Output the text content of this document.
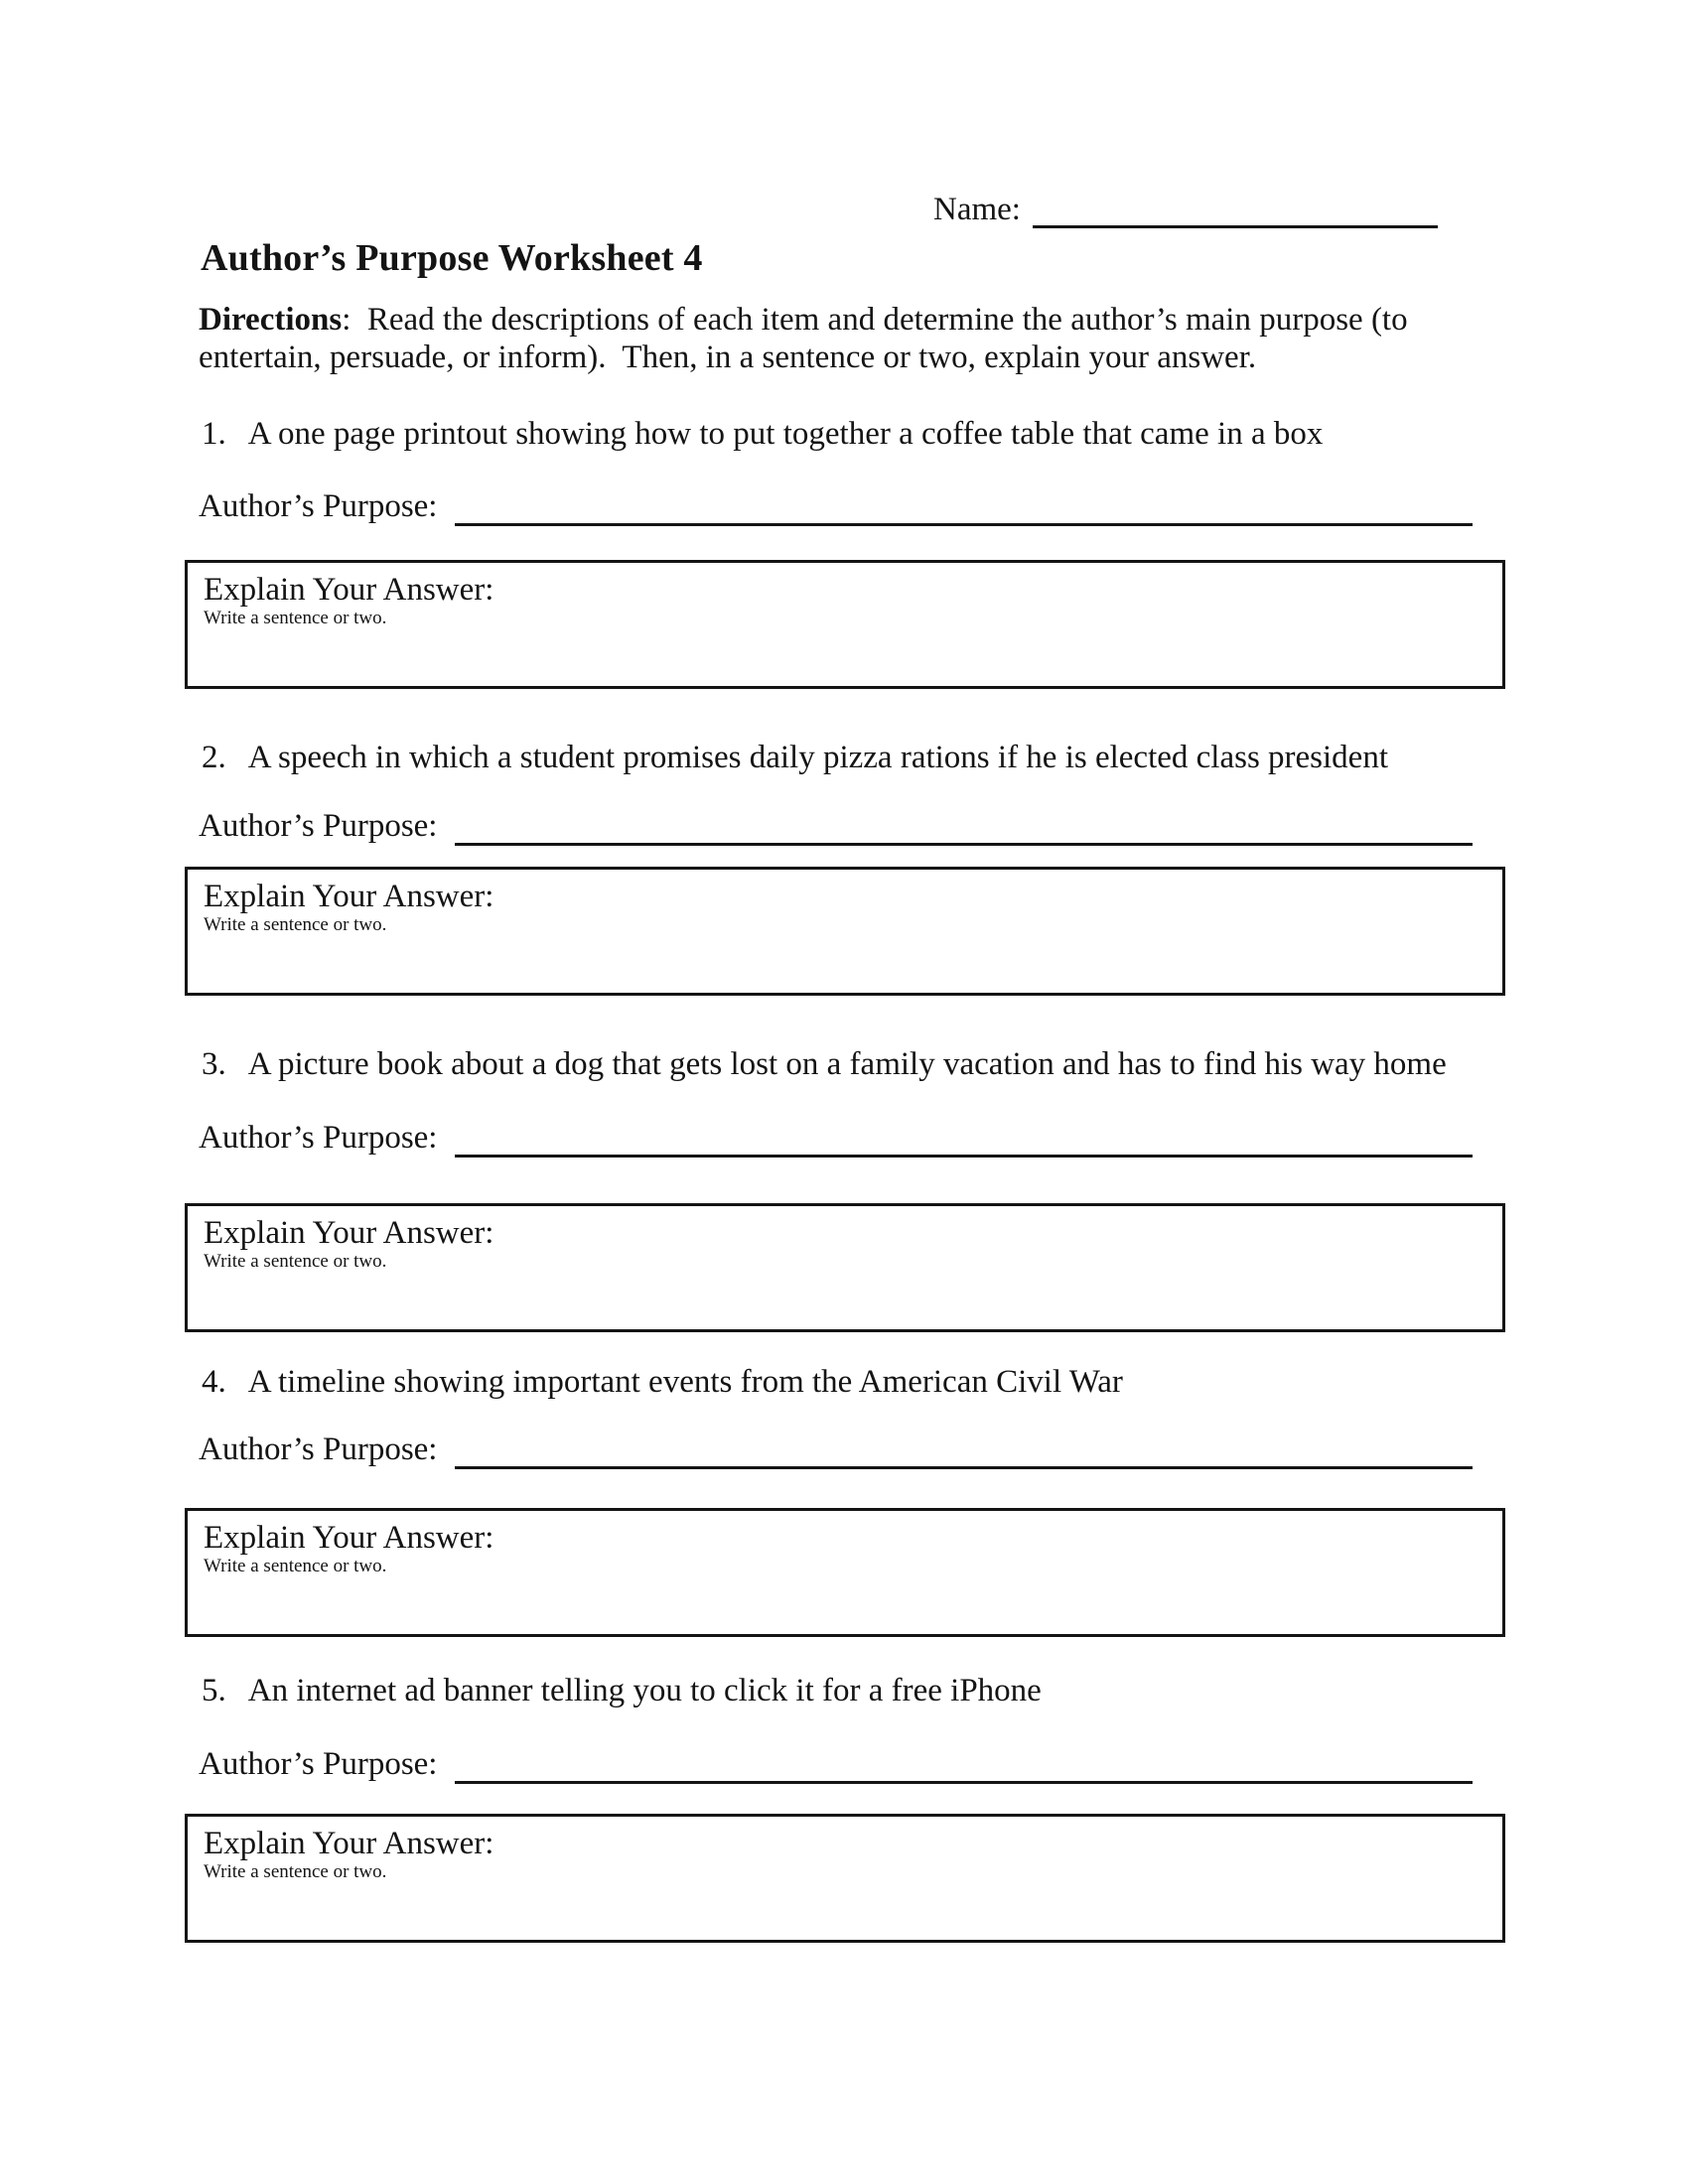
Name:
Author’s Purpose Worksheet 4
Directions:  Read the descriptions of each item and determine the author’s main purpose (to entertain, persuade, or inform).  Then, in a sentence or two, explain your answer.
1. A one page printout showing how to put together a coffee table that came in a box
Author’s Purpose:
Explain Your Answer:
Write a sentence or two.
2. A speech in which a student promises daily pizza rations if he is elected class president
Author’s Purpose:
Explain Your Answer:
Write a sentence or two.
3. A picture book about a dog that gets lost on a family vacation and has to find his way home
Author’s Purpose:
Explain Your Answer:
Write a sentence or two.
4. A timeline showing important events from the American Civil War
Author’s Purpose:
Explain Your Answer:
Write a sentence or two.
5. An internet ad banner telling you to click it for a free iPhone
Author’s Purpose:
Explain Your Answer:
Write a sentence or two.
